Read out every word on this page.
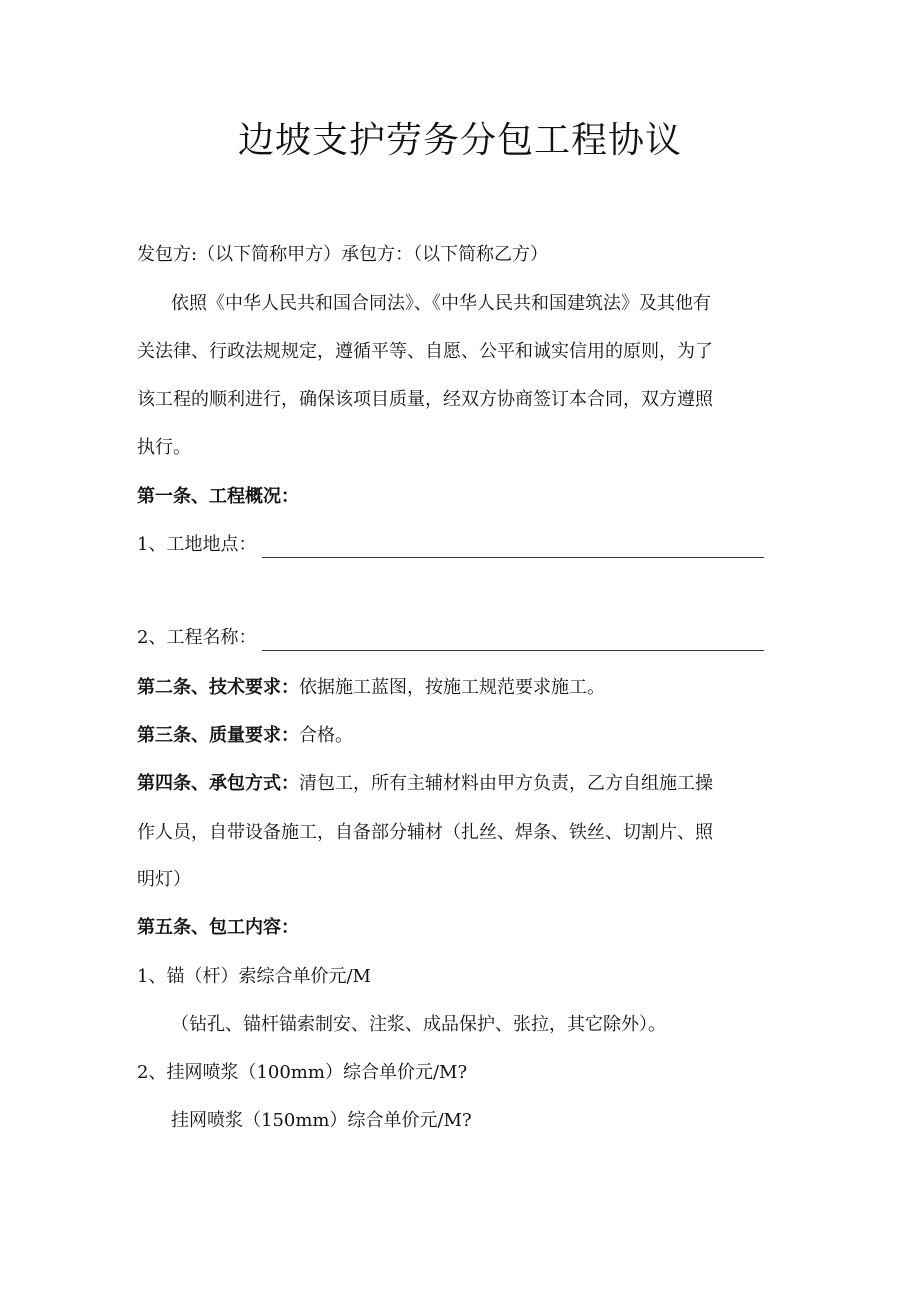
边坡支护劳务分包工程协议
发包方:（以下简称甲方）承包方：（以下简称乙方）
依照《中华人民共和国合同法》、《中华人民共和国建筑法》及其他有
关法律、行政法规规定，遵循平等、自愿、公平和诚实信用的原则，为了
该工程的顺利进行，确保该项目质量，经双方协商签订本合同，双方遵照
执行。
第一条、工程概况：
1、工地地点：
2、工程名称：
第二条、技术要求：依据施工蓝图，按施工规范要求施工。
第三条、质量要求：合格。
第四条、承包方式：清包工，所有主辅材料由甲方负责，乙方自组施工操
作人员，自带设备施工，自备部分辅材（扎丝、焊条、铁丝、切割片、照
明灯）
第五条、包工内容：
1、锚（杆）索综合单价元/M
（钻孔、锚杆锚索制安、注浆、成品保护、张拉，其它除外）。
2、挂网喷浆（100mm）综合单价元/M?
挂网喷浆（150mm）综合单价元/M?
